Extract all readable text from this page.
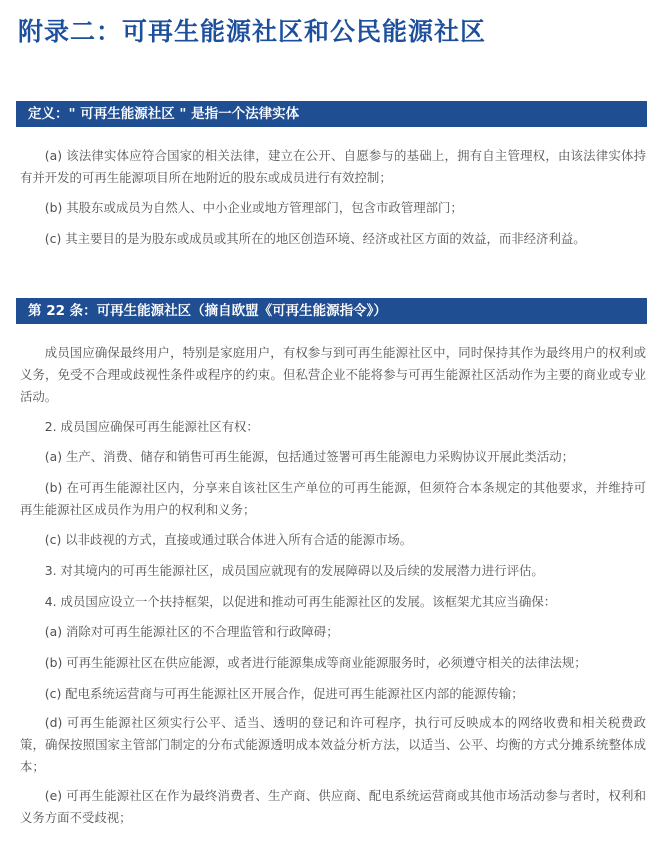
附录二：可再生能源社区和公民能源社区
定义：" 可再生能源社区 " 是指一个法律实体

(a) 该法律实体应符合国家的相关法律，建立在公开、自愿参与的基础上，拥有自主管理权，由该法律实体持有并开发的可再生能源项目所在地附近的股东或成员进行有效控制；

(b) 其股东或成员为自然人、中小企业或地方管理部门，包含市政管理部门；

(c) 其主要目的是为股东或成员或其所在的地区创造环境、经济或社区方面的效益，而非经济利益。

第 22 条：可再生能源社区（摘自欧盟《可再生能源指令》）

成员国应确保最终用户，特别是家庭用户，有权参与到可再生能源社区中，同时保持其作为最终用户的权利或义务，免受不合理或歧视性条件或程序的约束。但私营企业不能将参与可再生能源社区活动作为主要的商业或专业活动。

2. 成员国应确保可再生能源社区有权：

(a) 生产、消费、储存和销售可再生能源，包括通过签署可再生能源电力采购协议开展此类活动；

(b) 在可再生能源社区内，分享来自该社区生产单位的可再生能源，但须符合本条规定的其他要求，并维持可再生能源社区成员作为用户的权利和义务；

(c) 以非歧视的方式，直接或通过联合体进入所有合适的能源市场。

3. 对其境内的可再生能源社区，成员国应就现有的发展障碍以及后续的发展潜力进行评估。

4. 成员国应设立一个扶持框架，以促进和推动可再生能源社区的发展。该框架尤其应当确保：

(a) 消除对可再生能源社区的不合理监管和行政障碍；

(b) 可再生能源社区在供应能源，或者进行能源集成等商业能源服务时，必须遵守相关的法律法规；

(c) 配电系统运营商与可再生能源社区开展合作，促进可再生能源社区内部的能源传输；

(d) 可再生能源社区须实行公平、适当、透明的登记和许可程序，执行可反映成本的网络收费和相关税费政策，确保按照国家主管部门制定的分布式能源透明成本效益分析方法，以适当、公平、均衡的方式分摊系统整体成本；

(e) 可再生能源社区在作为最终消费者、生产商、供应商、配电系统运营商或其他市场活动参与者时，权利和义务方面不受歧视；
